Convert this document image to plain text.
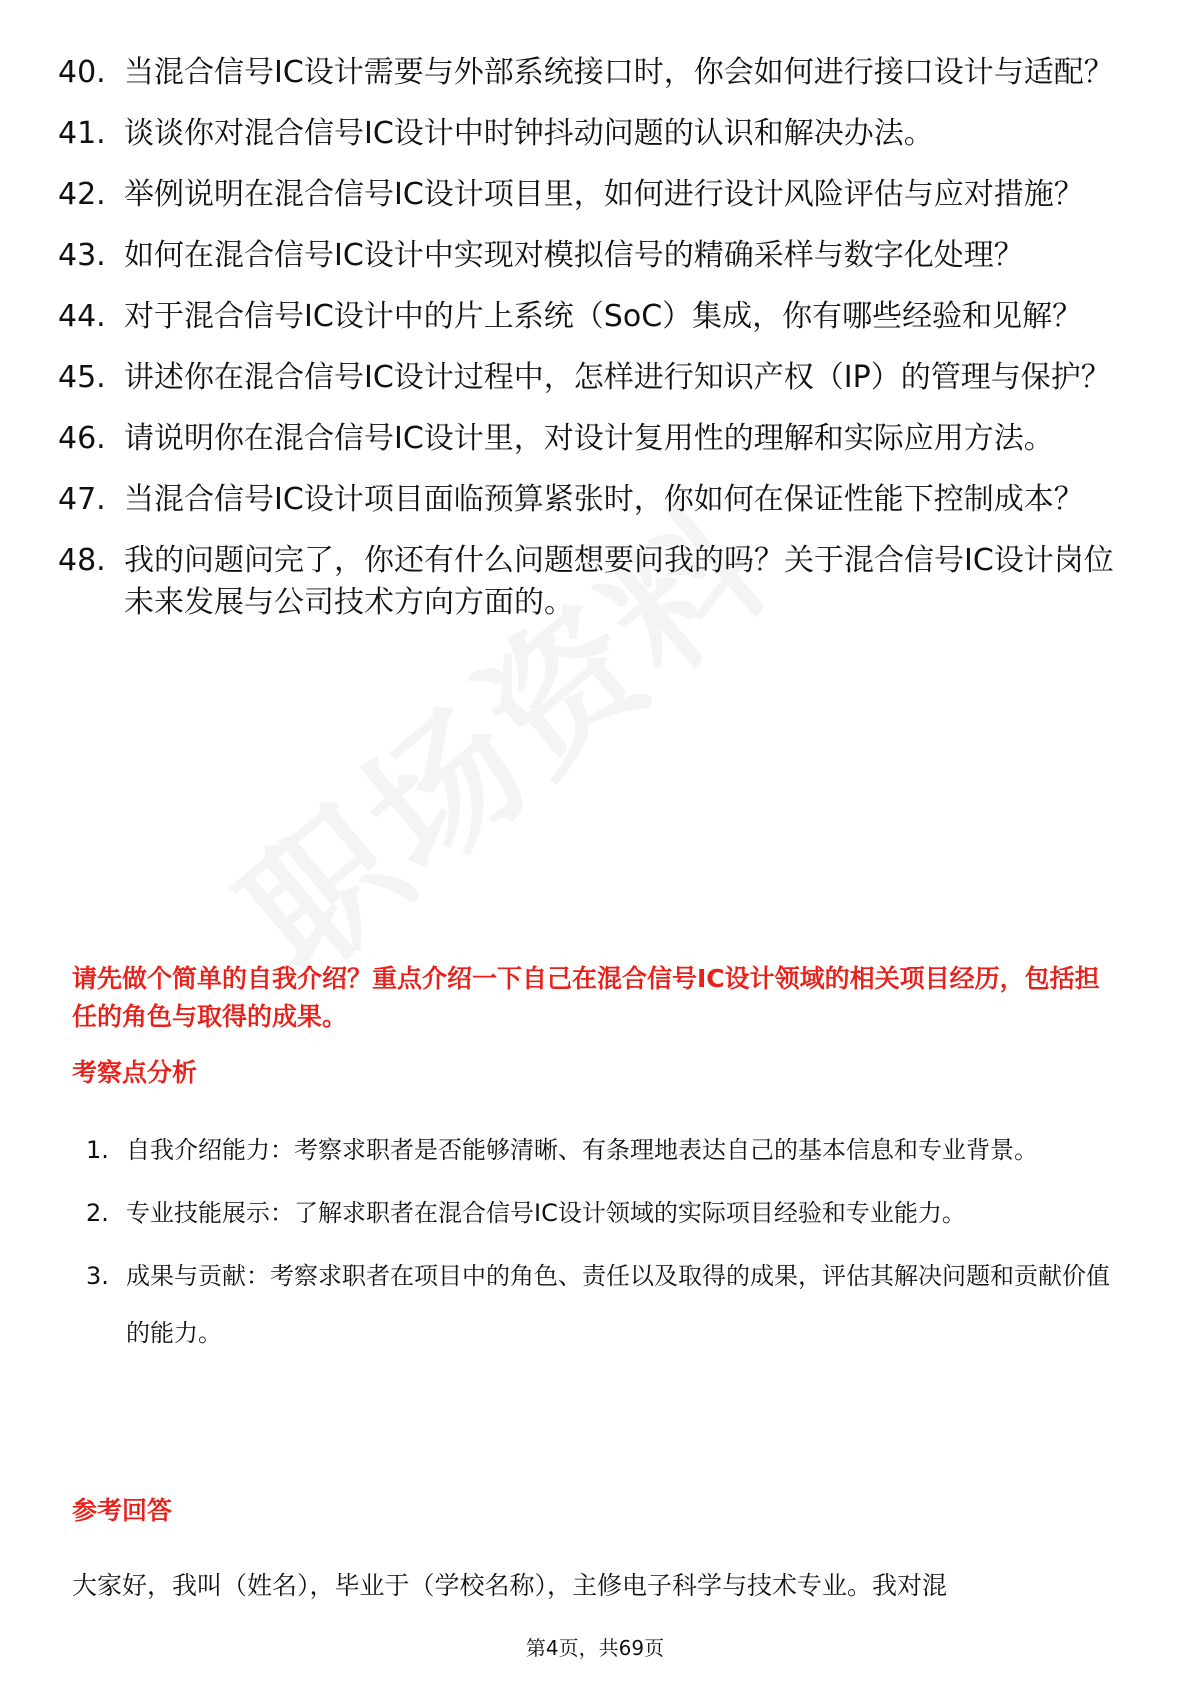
40. 当混合信号IC设计需要与外部系统接口时，你会如何进行接口设计与适配？
41. 谈谈你对混合信号IC设计中时钟抖动问题的认识和解决办法。
42. 举例说明在混合信号IC设计项目里，如何进行设计风险评估与应对措施？
43. 如何在混合信号IC设计中实现对模拟信号的精确采样与数字化处理？
44. 对于混合信号IC设计中的片上系统（SoC）集成，你有哪些经验和见解？
45. 讲述你在混合信号IC设计过程中，怎样进行知识产权（IP）的管理与保护？
46. 请说明你在混合信号IC设计里，对设计复用性的理解和实际应用方法。
47. 当混合信号IC设计项目面临预算紧张时，你如何在保证性能下控制成本？
48. 我的问题问完了，你还有什么问题想要问我的吗？关于混合信号IC设计岗位未来发展与公司技术方向方面的。
请先做个简单的自我介绍？重点介绍一下自己在混合信号IC设计领域的相关项目经历，包括担任的角色与取得的成果。
考察点分析
1. 自我介绍能力：考察求职者是否能够清晰、有条理地表达自己的基本信息和专业背景。
2. 专业技能展示：了解求职者在混合信号IC设计领域的实际项目经验和专业能力。
3. 成果与贡献：考察求职者在项目中的角色、责任以及取得的成果，评估其解决问题和贡献价值的能力。
参考回答
大家好，我叫（姓名），毕业于（学校名称），主修电子科学与技术专业。我对混
第4页，共69页
